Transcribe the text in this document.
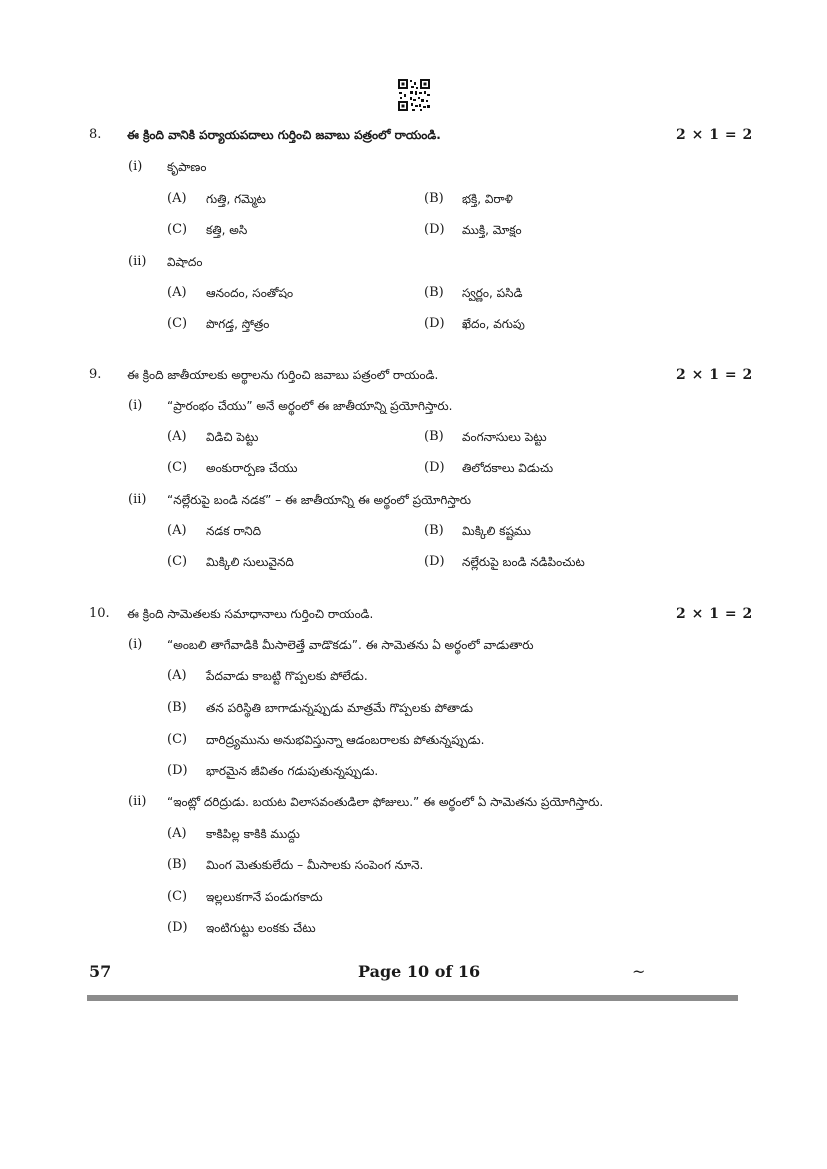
8. ఈ క్రింది వానికి పర్యాయపదాలు గుర్తించి జవాబు పత్రంలో రాయండి.	2 × 1 = 2
(i) కృపాణం
(A) గుత్తి, గమ్మెట	(B) భక్తి, విరాళి
(C) కత్తి, అసి	(D) ముక్తి, మోక్షం
(ii) విషాదం
(A) ఆనందం, సంతోషం	(B) స్వర్ణం, పసిడి
(C) పొగడ్త, స్తోత్రం	(D) ఖేదం, వగుపు
9. ఈ క్రింది జాతీయాలకు అర్థాలను గుర్తించి జవాబు పత్రంలో రాయండి.	2 × 1 = 2
(i) “ప్రారంభం చేయు” అనే అర్థంలో ఈ జాతీయాన్ని ప్రయోగిస్తారు.
(A) విడిచి పెట్టు	(B) వంగనాసులు పెట్టు
(C) అంకురార్పణ చేయు	(D) తిలోదకాలు విడుచు
(ii) “నల్లేరుపై బండి నడక” – ఈ జాతీయాన్ని ఈ అర్థంలో ప్రయోగిస్తారు
(A) నడక రానిది	(B) మిక్కిలి కష్టము
(C) మిక్కిలి సులువైనది	(D) నల్లేరుపై బండి నడిపించుట
10. ఈ క్రింది సామెతలకు సమాధానాలు గుర్తించి రాయండి.	2 × 1 = 2
(i) “అంబలి తాగేవాడికి మీసాలెత్తే వాడొకడు”. ఈ సామెతను ఏ అర్థంలో వాడుతారు
(A) పేదవాడు కాబట్టి గొప్పలకు పోలేడు.
(B) తన పరిస్థితి బాగాడున్నప్పుడు మాత్రమే గొప్పలకు పోతాడు
(C) దారిద్ర్యమును అనుభవిస్తున్నా ఆడంబరాలకు పోతున్నప్పుడు.
(D) భారమైన జీవితం గడుపుతున్నప్పుడు.
(ii) “ఇంట్లో దరిద్రుడు. బయట విలాసవంతుడిలా ఫోజులు.” ఈ అర్థంలో ఏ సామెతను ప్రయోగిస్తారు.
(A) కాకిపిల్ల కాకికి ముద్దు
(B) మింగ మెతుకులేదు – మీసాలకు సంపెంగ నూనె.
(C) ఇల్లలుకగానే పండుగకాదు
(D) ఇంటిగుట్టు లంకకు చేటు
57	Page 10 of 16	~
